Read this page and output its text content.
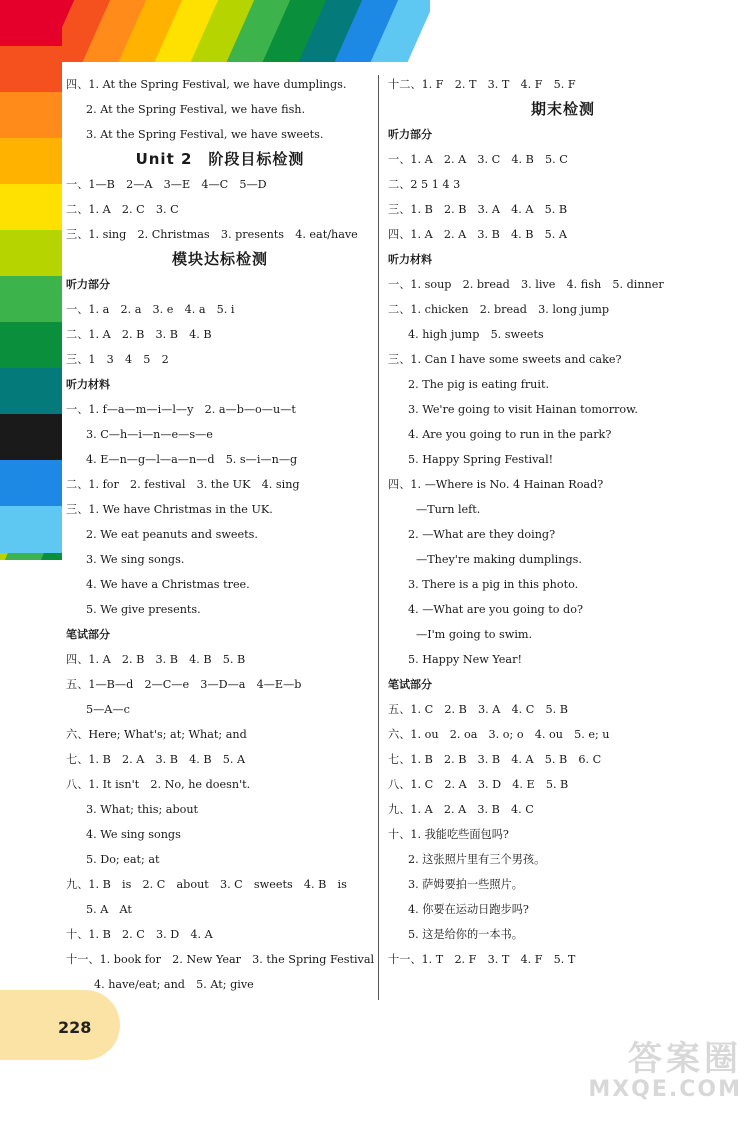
四、1. At the Spring Festival, we have dumplings.
2. At the Spring Festival, we have fish.
3. At the Spring Festival, we have sweets.
Unit 2　阶段目标检测
一、1—B　2—A　3—E　4—C　5—D
二、1. A　2. C　3. C
三、1. sing　2. Christmas　3. presents　4. eat/have
模块达标检测
听力部分
一、1. a　2. a　3. e　4. a　5. i
二、1. A　2. B　3. B　4. B
三、1　3　4　5　2
听力材料
一、1. f—a—m—i—l—y　2. a—b—o—u—t
3. C—h—i—n—e—s—e
4. E—n—g—l—a—n—d　5. s—i—n—g
二、1. for　2. festival　3. the UK　4. sing
三、1. We have Christmas in the UK.
2. We eat peanuts and sweets.
3. We sing songs.
4. We have a Christmas tree.
5. We give presents.
笔试部分
四、1. A　2. B　3. B　4. B　5. B
五、1—B—d　2—C—e　3—D—a　4—E—b
5—A—c
六、Here; What's; at; What; and
七、1. B　2. A　3. B　4. B　5. A
八、1. It isn't　2. No, he doesn't.
3. What; this; about
4. We sing songs
5. Do; eat; at
九、1. B　is　2. C　about　3. C　sweets　4. B　is
5. A　At
十、1. B　2. C　3. D　4. A
十一、1. book for　2. New Year　3. the Spring Festival
4. have/eat; and　5. At; give
十二、1. F　2. T　3. T　4. F　5. F
期末检测
听力部分
一、1. A　2. A　3. C　4. B　5. C
二、2 5 1 4 3
三、1. B　2. B　3. A　4. A　5. B
四、1. A　2. A　3. B　4. B　5. A
听力材料
一、1. soup　2. bread　3. live　4. fish　5. dinner
二、1. chicken　2. bread　3. long jump
4. high jump　5. sweets
三、1. Can I have some sweets and cake?
2. The pig is eating fruit.
3. We're going to visit Hainan tomorrow.
4. Are you going to run in the park?
5. Happy Spring Festival!
四、1. —Where is No. 4 Hainan Road?
—Turn left.
2. —What are they doing?
—They're making dumplings.
3. There is a pig in this photo.
4. —What are you going to do?
—I'm going to swim.
5. Happy New Year!
笔试部分
五、1. C　2. B　3. A　4. C　5. B
六、1. ou　2. oa　3. o; o　4. ou　5. e; u
七、1. B　2. B　3. B　4. A　5. B　6. C
八、1. C　2. A　3. D　4. E　5. B
九、1. A　2. A　3. B　4. C
十、1. 我能吃些面包吗?
2. 这张照片里有三个男孩。
3. 萨姆要拍一些照片。
4. 你要在运动日跑步吗?
5. 这是给你的一本书。
十一、1. T　2. F　3. T　4. F　5. T
228
答案圈
MXQE.COM
